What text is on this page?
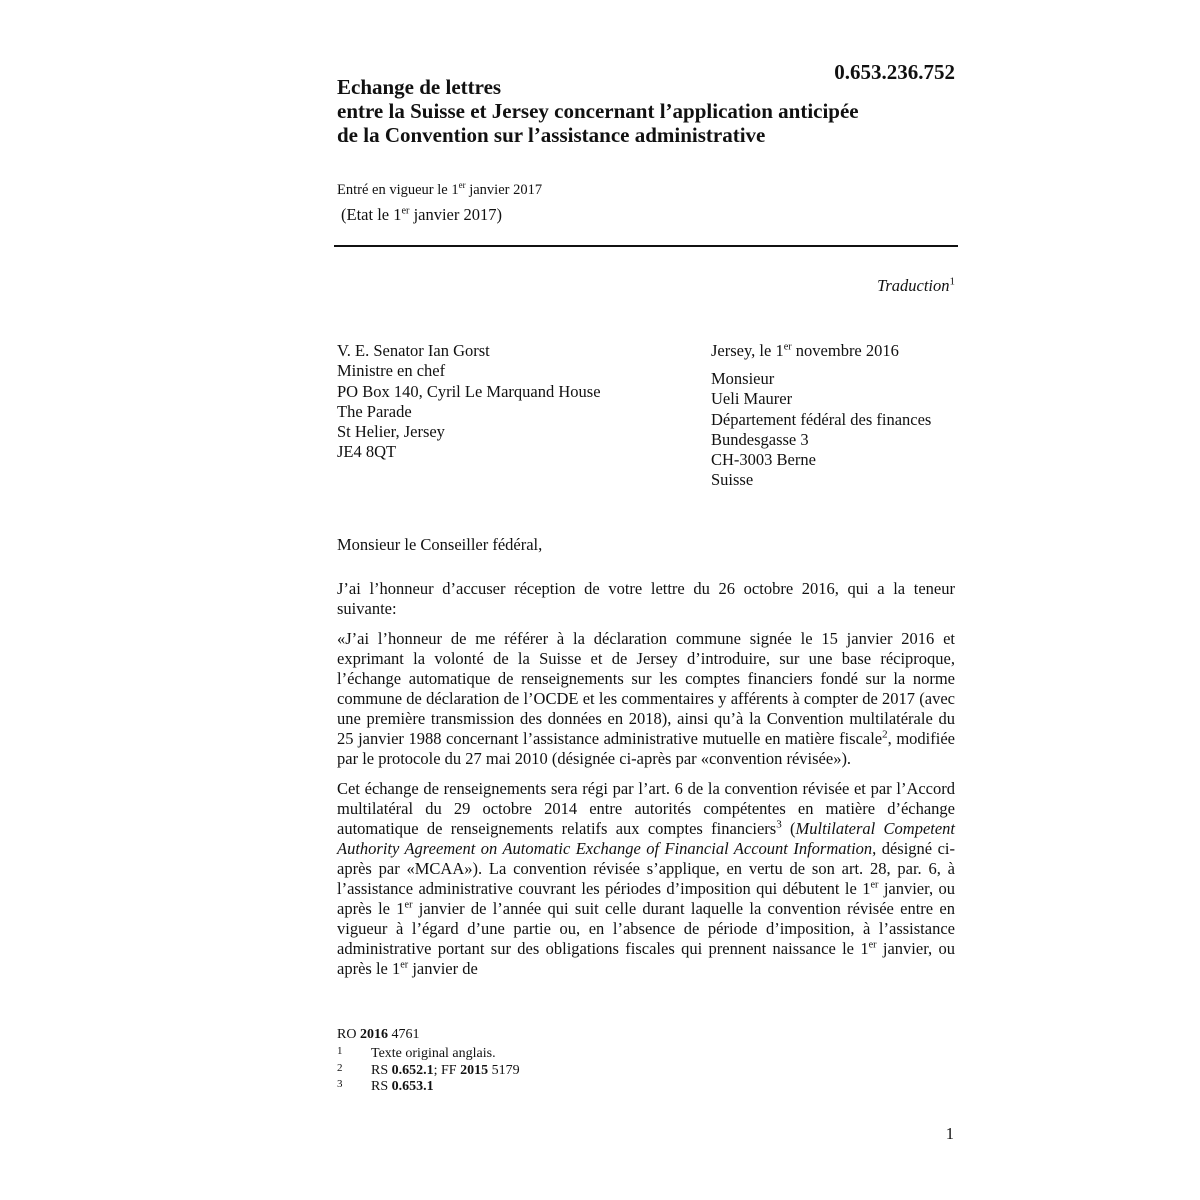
0.653.236.752
Echange de lettres
entre la Suisse et Jersey concernant l’application anticipée
de la Convention sur l’assistance administrative
Entré en vigueur le 1er janvier 2017
(Etat le 1er janvier 2017)
Traduction$^1$
V. E. Senator Ian Gorst
Ministre en chef
PO Box 140, Cyril Le Marquand House
The Parade
St Helier, Jersey
JE4 8QT
Jersey, le 1er novembre 2016
Monsieur
Ueli Maurer
Département fédéral des finances
Bundesgasse 3
CH-3003 Berne
Suisse
Monsieur le Conseiller fédéral,

J’ai l’honneur d’accuser réception de votre lettre du 26 octobre 2016, qui a la teneur suivante:

«J’ai l’honneur de me référer à la déclaration commune signée le 15 janvier 2016 et exprimant la volonté de la Suisse et de Jersey d’introduire, sur une base réciproque, l’échange automatique de renseignements sur les comptes financiers fondé sur la norme commune de déclaration de l’OCDE et les commentaires y afférents à compter de 2017 (avec une première transmission des données en 2018), ainsi qu’à la Convention multilatérale du 25 janvier 1988 concernant l’assistance administrative mutuelle en matière fiscale$^2$, modifiée par le protocole du 27 mai 2010 (désignée ci-après par «convention révisée»).

Cet échange de renseignements sera régi par l’art. 6 de la convention révisée et par l’Accord multilatéral du 29 octobre 2014 entre autorités compétentes en matière d’échange automatique de renseignements relatifs aux comptes financiers$^3$ (Multilateral Competent Authority Agreement on Automatic Exchange of Financial Account Information, désigné ci-après par «MCAA»). La convention révisée s’applique, en vertu de son art. 28, par. 6, à l’assistance administrative couvrant les périodes d’imposition qui débutent le 1er janvier, ou après le 1er janvier de l’année qui suit celle durant laquelle la convention révisée entre en vigueur à l’égard d’une partie ou, en l’absence de période d’imposition, à l’assistance administrative portant sur des obligations fiscales qui prennent naissance le 1er janvier, ou après le 1er janvier de

RO 2016 4761
1 Texte original anglais.
2 RS 0.652.1; FF 2015 5179
3 RS 0.653.1
1
